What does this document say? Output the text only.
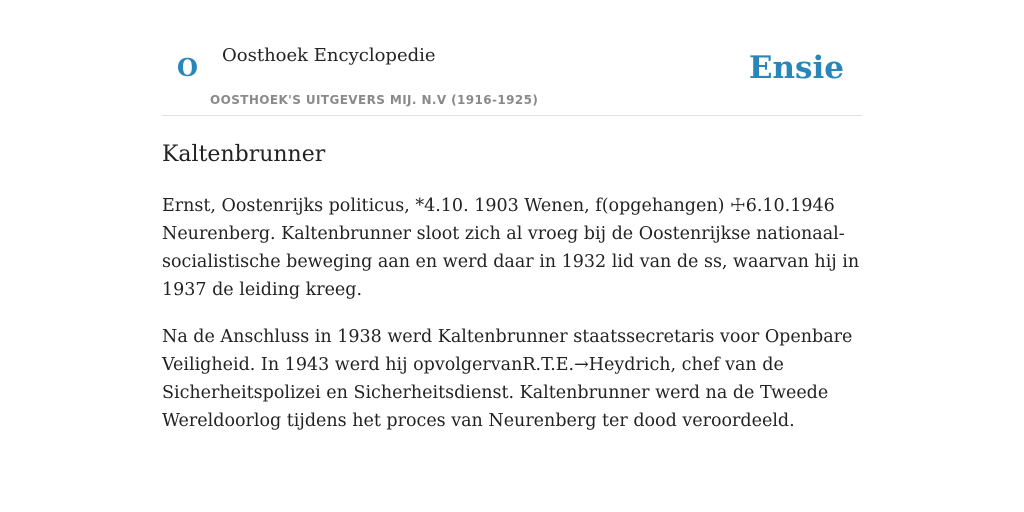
O Oosthoek Encyclopedie
OOSTHOEK'S UITGEVERS MIJ. N.V (1916-1925)
Ensie
Kaltenbrunner

Ernst, Oostenrijks politicus, *4.10. 1903 Wenen, f(opgehangen) ☩6.10.1946 Neurenberg. Kaltenbrunner sloot zich al vroeg bij de Oostenrijkse nationaal-socialistische beweging aan en werd daar in 1932 lid van de ss, waarvan hij in 1937 de leiding kreeg.

Na de Anschluss in 1938 werd Kaltenbrunner staatssecretaris voor Openbare Veiligheid. In 1943 werd hij opvolgervanR.T.E.→Heydrich, chef van de Sicherheitspolizei en Sicherheitsdienst. Kaltenbrunner werd na de Tweede Wereldoorlog tijdens het proces van Neurenberg ter dood veroordeeld.
